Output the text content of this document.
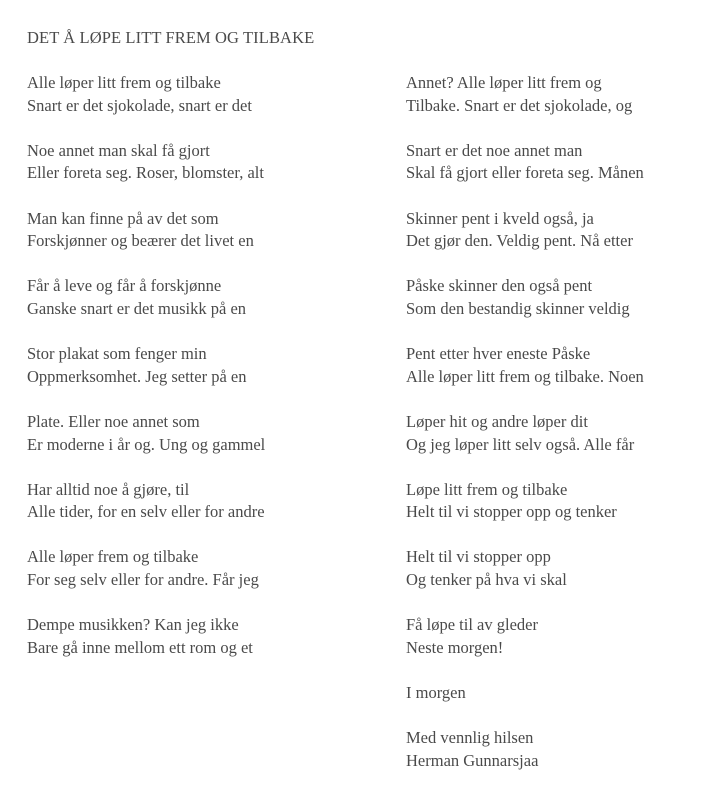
DET Å LØPE LITT FREM OG TILBAKE
Alle løper litt frem og tilbake
Snart er det sjokolade, snart er det
Noe annet man skal få gjort
Eller foreta seg. Roser, blomster, alt
Man kan finne på av det som
Forskjønner og beærer det livet en
Får å leve og får å forskjønne
Ganske snart er det musikk på en
Stor plakat som fenger min
Oppmerksomhet. Jeg setter på en
Plate. Eller noe annet som
Er moderne i år og. Ung og gammel
Har alltid noe å gjøre, til
Alle tider, for en selv eller for andre
Alle løper frem og tilbake
For seg selv eller for andre. Får jeg
Dempe musikken? Kan jeg ikke
Bare gå inne mellom ett rom og et
Annet? Alle løper litt frem og
Tilbake. Snart er det sjokolade, og
Snart er det noe annet man
Skal få gjort eller foreta seg. Månen
Skinner pent i kveld også, ja
Det gjør den. Veldig pent. Nå etter
Påske skinner den også pent
Som den bestandig skinner veldig
Pent etter hver eneste Påske
Alle løper litt frem og tilbake. Noen
Løper hit og andre løper dit
Og jeg løper litt selv også. Alle får
Løpe litt frem og tilbake
Helt til vi stopper opp og tenker
Helt til vi stopper opp
Og tenker på hva vi skal
Få løpe til av gleder
Neste morgen!
I morgen
Med vennlig hilsen
Herman Gunnarsjaa
